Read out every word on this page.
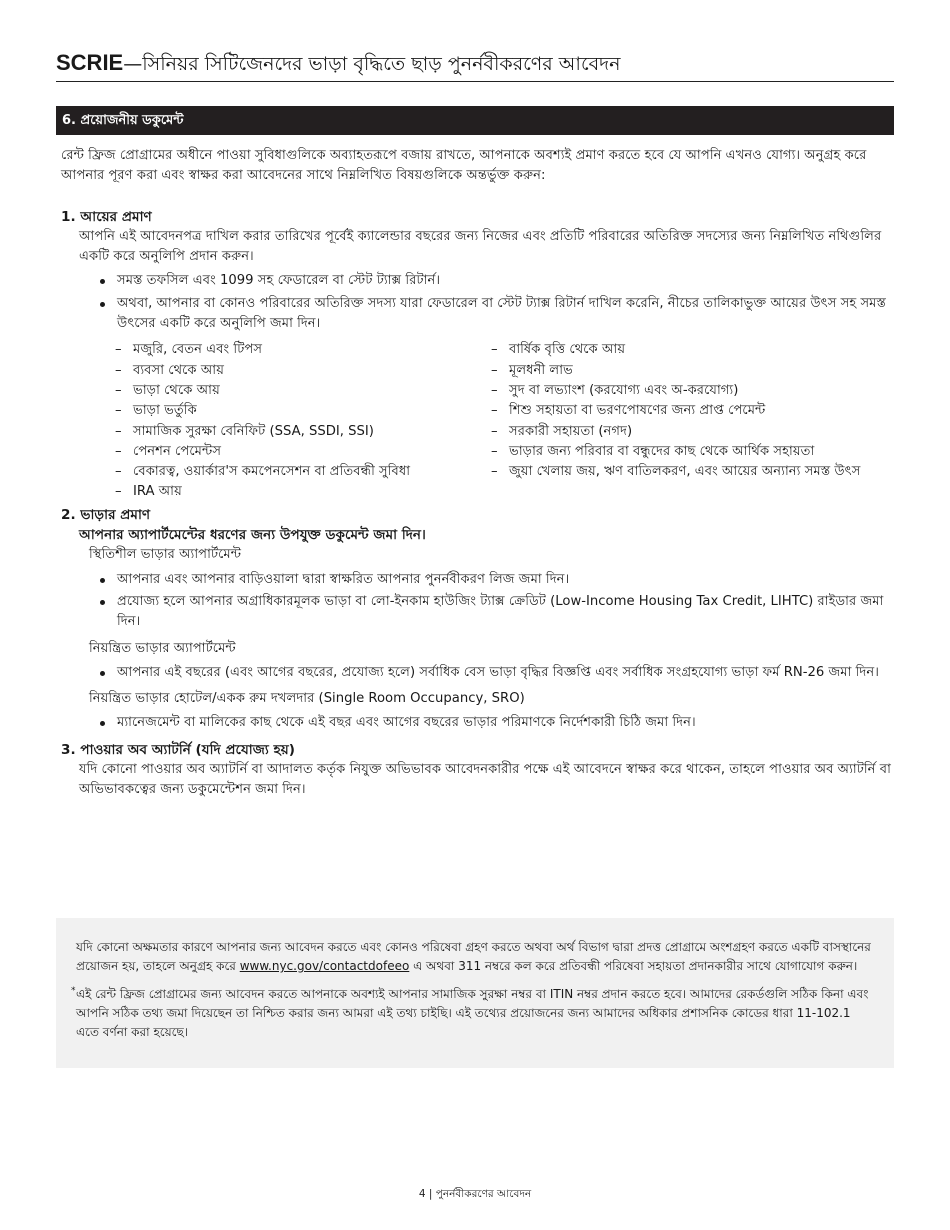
SCRIE—সিনিয়র সিটিজেনদের ভাড়া বৃদ্ধিতে ছাড় পুনর্নবীকরণের আবেদন
6. প্রয়োজনীয় ডকুমেন্ট

রেন্ট ফ্রিজ প্রোগ্রামের অধীনে পাওয়া সুবিধাগুলিকে অব্যাহতরূপে বজায় রাখতে, আপনাকে অবশ্যই প্রমাণ করতে হবে যে আপনি এখনও যোগ্য। অনুগ্রহ করে আপনার পূরণ করা এবং স্বাক্ষর করা আবেদনের সাথে নিম্নলিখিত বিষয়গুলিকে অন্তর্ভুক্ত করুন:

1. আয়ের প্রমাণ

আপনি এই আবেদনপত্র দাখিল করার তারিখের পূর্বেই ক্যালেন্ডার বছরের জন্য নিজের এবং প্রতিটি পরিবারের অতিরিক্ত সদস্যের জন্য নিম্নলিখিত নথিগুলির একটি করে অনুলিপি প্রদান করুন।

সমস্ত তফসিল এবং 1099 সহ ফেডারেল বা স্টেট ট্যাক্স রিটার্ন।
অথবা, আপনার বা কোনও পরিবারের অতিরিক্ত সদস্য যারা ফেডারেল বা স্টেট ট্যাক্স রিটার্ন দাখিল করেনি, নীচের তালিকাভুক্ত আয়ের উৎস সহ সমস্ত উৎসের একটি করে অনুলিপি জমা দিন।
– মজুরি, বেতন এবং টিপস
– ব্যবসা থেকে আয়
– ভাড়া থেকে আয়
– ভাড়া ভর্তুকি
– সামাজিক সুরক্ষা বেনিফিট (SSA, SSDI, SSI)
– পেনশন পেমেন্টস
– বেকারত্ব, ওয়ার্কার'স কমপেনসেশন বা প্রতিবন্ধী সুবিধা
– IRA আয়
– বার্ষিক বৃত্তি থেকে আয়
– মূলধনী লাভ
– সুদ বা লভ্যাংশ (করযোগ্য এবং অ-করযোগ্য)
– শিশু সহায়তা বা ভরণপোষণের জন্য প্রাপ্ত পেমেন্ট
– সরকারী সহায়তা (নগদ)
– ভাড়ার জন্য পরিবার বা বন্ধুদের কাছ থেকে আর্থিক সহায়তা
– জুয়া খেলায় জয়, ঋণ বাতিলকরণ, এবং আয়ের অন্যান্য সমস্ত উৎস

2. ভাড়ার প্রমাণ

আপনার অ্যাপার্টমেন্টের ধরণের জন্য উপযুক্ত ডকুমেন্ট জমা দিন।

স্থিতিশীল ভাড়ার অ্যাপার্টমেন্ট

আপনার এবং আপনার বাড়িওয়ালা দ্বারা স্বাক্ষরিত আপনার পুনর্নবীকরণ লিজ জমা দিন।
প্রযোজ্য হলে আপনার অগ্রাধিকারমূলক ভাড়া বা লো-ইনকাম হাউজিং ট্যাক্স ক্রেডিট (Low-Income Housing Tax Credit, LIHTC) রাইডার জমা দিন।

নিয়ন্ত্রিত ভাড়ার অ্যাপার্টমেন্ট

আপনার এই বছরের (এবং আগের বছরের, প্রযোজ্য হলে) সর্বাধিক বেস ভাড়া বৃদ্ধির বিজ্ঞপ্তি এবং সর্বাধিক সংগ্রহযোগ্য ভাড়া ফর্ম RN-26 জমা দিন।

নিয়ন্ত্রিত ভাড়ার হোটেল/একক রুম দখলদার (Single Room Occupancy, SRO)

ম্যানেজমেন্ট বা মালিকের কাছ থেকে এই বছর এবং আগের বছরের ভাড়ার পরিমাণকে নির্দেশকারী চিঠি জমা দিন।

3. পাওয়ার অব অ্যাটর্নি (যদি প্রযোজ্য হয়)

যদি কোনো পাওয়ার অব অ্যাটর্নি বা আদালত কর্তৃক নিযুক্ত অভিভাবক আবেদনকারীর পক্ষে এই আবেদনে স্বাক্ষর করে থাকেন, তাহলে পাওয়ার অব অ্যাটর্নি বা অভিভাবকত্বের জন্য ডকুমেন্টেশন জমা দিন।

যদি কোনো অক্ষমতার কারণে আপনার জন্য আবেদন করতে এবং কোনও পরিষেবা গ্রহণ করতে অথবা অর্থ বিভাগ দ্বারা প্রদত্ত প্রোগ্রামে অংশগ্রহণ করতে একটি বাসস্থানের প্রয়োজন হয়, তাহলে অনুগ্রহ করে www.nyc.gov/contactdofeeo এ অথবা 311 নম্বরে কল করে প্রতিবন্ধী পরিষেবা সহায়তা প্রদানকারীর সাথে যোগাযোগ করুন।

* এই রেন্ট ফ্রিজ প্রোগ্রামের জন্য আবেদন করতে আপনাকে অবশ্যই আপনার সামাজিক সুরক্ষা নম্বর বা ITIN নম্বর প্রদান করতে হবে। আমাদের রেকর্ডগুলি সঠিক কিনা এবং আপনি সঠিক তথ্য জমা দিয়েছেন তা নিশ্চিত করার জন্য আমরা এই তথ্য চাইছি। এই তথ্যের প্রয়োজনের জন্য আমাদের অধিকার প্রশাসনিক কোডের ধারা 11-102.1 এতে বর্ণনা করা হয়েছে।

4 | পুনর্নবীকরণের আবেদন
